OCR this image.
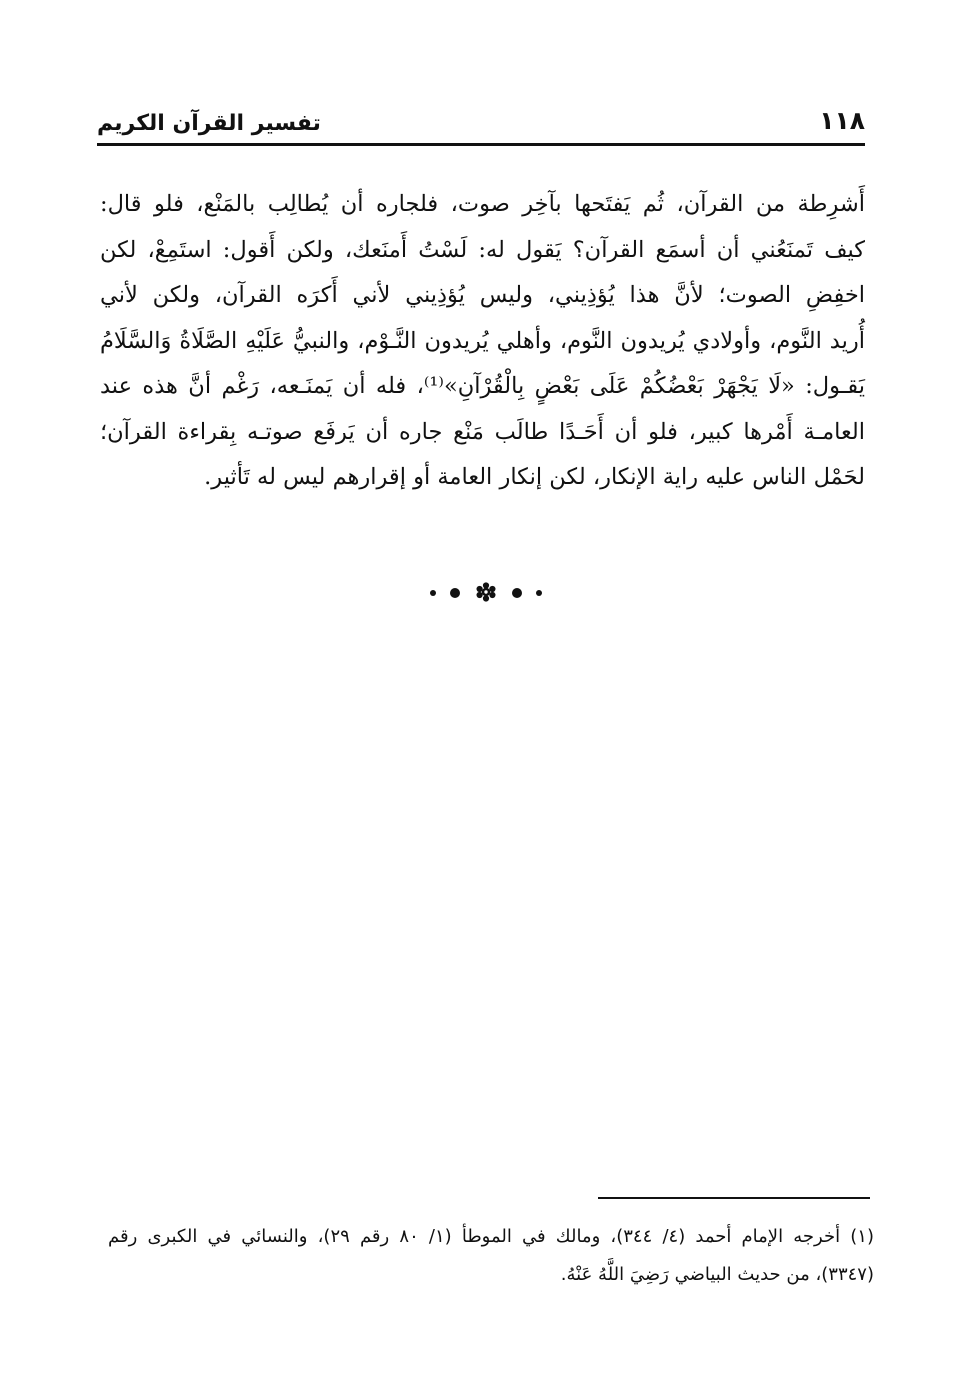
١١٨
تفسير القرآن الكريم
أَشرِطة من القرآن، ثُم يَفتَحها بآخِر صوت، فلجاره أن يُطالِب بالمَنْع، فلو قال:
كيف تَمنَعُني أن أسمَع القرآن؟ يَقول له: لَسْتُ أَمنَعك، ولكن أَقول: استَمِعْ، لكن
اخفِضِ الصوت؛ لأنَّ هذا يُؤذِيني، وليس يُؤذِيني لأني أَكرَه القرآن، ولكن لأني
أُريد النَّوم، وأولادي يُريدون النَّوم، وأهلي يُريدون النَّـوْم، والنبيُّ عَلَيْهِ الصَّلَاةُ وَالسَّلَامُ
يَقـول: «لَا يَجْهَرْ بَعْضُكُمْ عَلَى بَعْضٍ بِالْقُرْآنِ»⁽¹⁾، فله أن يَمنَـعه، رَغْم أنَّ هذه عند
العامـة أَمْرها كبير، فلو أن أَحَـدًا طالَب مَنْع جاره أن يَرفَع صوتـه بِقراءة القرآن؛
لحَمْل الناس عليه راية الإنكار، لكن إنكار العامة أو إقرارهم ليس له تَأثير.
(١) أخرجه الإمام أحمد (٤/ ٣٤٤)، ومالك في الموطأ (١/ ٨٠ رقم ٢٩)، والنسائي في الكبرى رقم
(٣٣٤٧)، من حديث البياضي رَضِيَ اللَّهُ عَنْهُ.
